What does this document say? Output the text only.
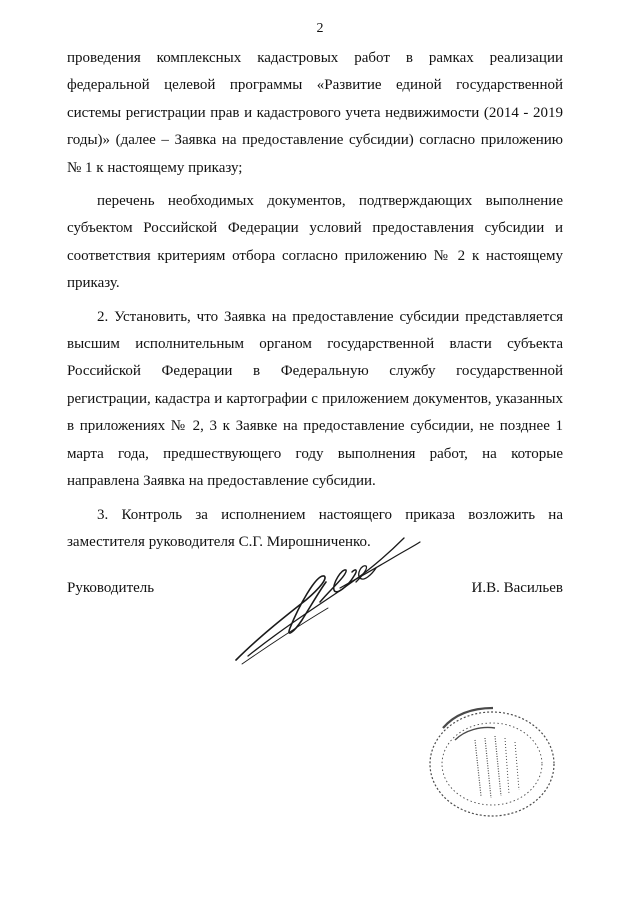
2

проведения комплексных кадастровых работ в рамках реализации федеральной целевой программы «Развитие единой государственной системы регистрации прав и кадастрового учета недвижимости (2014 - 2019 годы)» (далее – Заявка на предоставление субсидии) согласно приложению № 1 к настоящему приказу;

перечень необходимых документов, подтверждающих выполнение субъектом Российской Федерации условий предоставления субсидии и соответствия критериям отбора согласно приложению № 2 к настоящему приказу.

2. Установить, что Заявка на предоставление субсидии представляется высшим исполнительным органом государственной власти субъекта Российской Федерации в Федеральную службу государственной регистрации, кадастра и картографии с приложением документов, указанных в приложениях № 2, 3 к Заявке на предоставление субсидии, не позднее 1 марта года, предшествующего году выполнения работ, на которые направлена Заявка на предоставление субсидии.

3. Контроль за исполнением настоящего приказа возложить на заместителя руководителя С.Г. Мирошниченко.

Руководитель	И.В. Васильев
